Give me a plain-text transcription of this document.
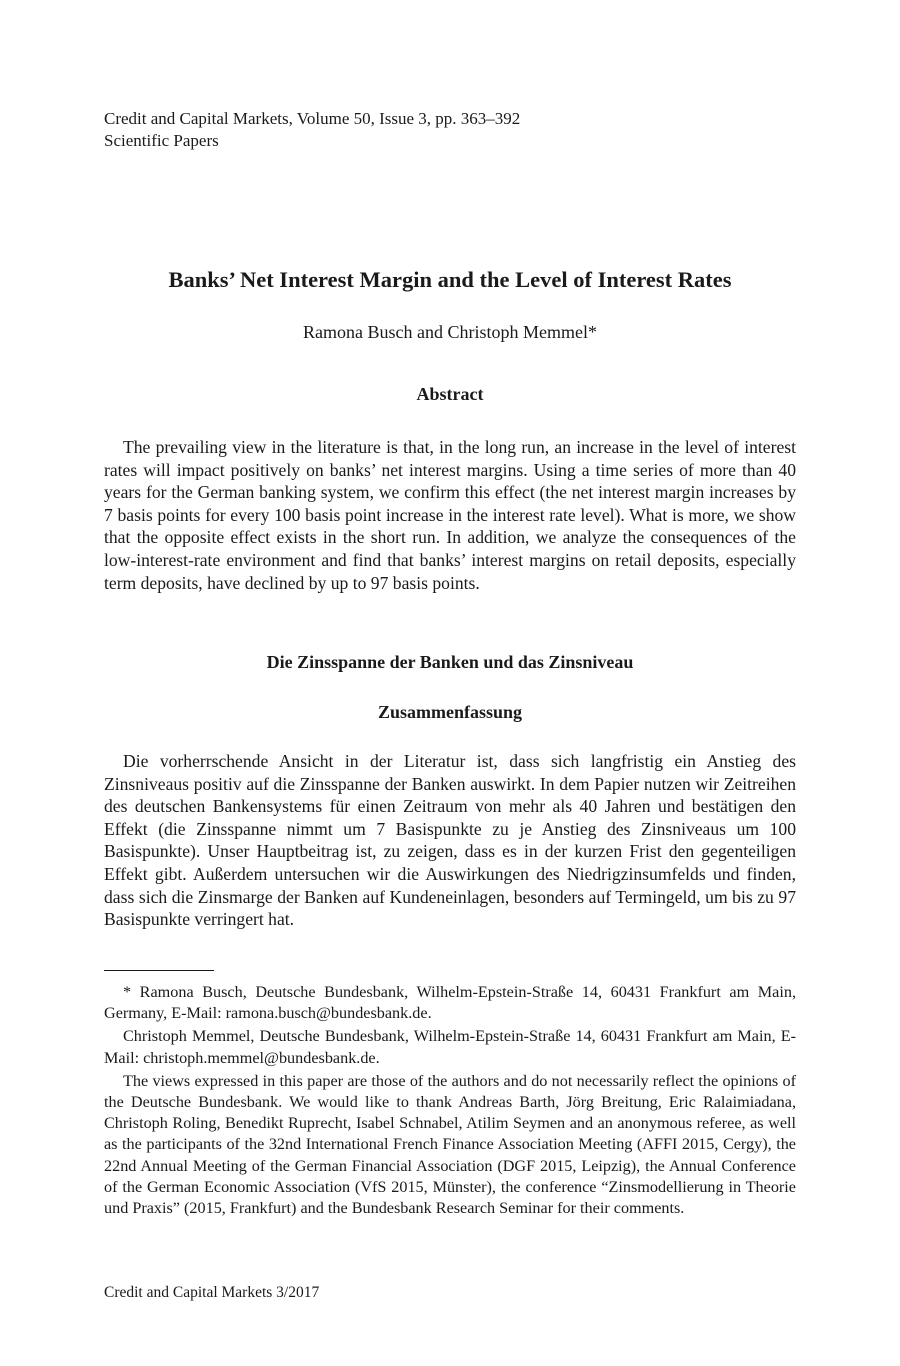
Credit and Capital Markets, Volume 50, Issue 3, pp. 363–392
Scientific Papers
Banks’ Net Interest Margin and the Level of Interest Rates
Ramona Busch and Christoph Memmel*
Abstract

The prevailing view in the literature is that, in the long run, an increase in the level of interest rates will impact positively on banks’ net interest margins. Using a time series of more than 40 years for the German banking system, we confirm this effect (the net interest margin increases by 7 basis points for every 100 basis point increase in the interest rate level). What is more, we show that the opposite effect exists in the short run. In addition, we analyze the consequences of the low-interest-rate environment and find that banks’ interest margins on retail deposits, especially term deposits, have declined by up to 97 basis points.

Die Zinsspanne der Banken und das Zinsniveau
Zusammenfassung

Die vorherrschende Ansicht in der Literatur ist, dass sich langfristig ein Anstieg des Zinsniveaus positiv auf die Zinsspanne der Banken auswirkt. In dem Papier nutzen wir Zeitreihen des deutschen Bankensystems für einen Zeitraum von mehr als 40 Jahren und bestätigen den Effekt (die Zinsspanne nimmt um 7 Basispunkte zu je Anstieg des Zinsniveaus um 100 Basispunkte). Unser Hauptbeitrag ist, zu zeigen, dass es in der kurzen Frist den gegenteiligen Effekt gibt. Außerdem untersuchen wir die Auswirkungen des Niedrigzinsumfelds und finden, dass sich die Zinsmarge der Banken auf Kundeneinlagen, besonders auf Termingeld, um bis zu 97 Basispunkte verringert hat.

* Ramona Busch, Deutsche Bundesbank, Wilhelm-Epstein-Straße 14, 60431 Frankfurt am Main, Germany, E-Mail: ramona.busch@bundesbank.de.

Christoph Memmel, Deutsche Bundesbank, Wilhelm-Epstein-Straße 14, 60431 Frankfurt am Main, E-Mail: christoph.memmel@bundesbank.de.

The views expressed in this paper are those of the authors and do not necessarily reflect the opinions of the Deutsche Bundesbank. We would like to thank Andreas Barth, Jörg Breitung, Eric Ralaimiadana, Christoph Roling, Benedikt Ruprecht, Isabel Schnabel, Atilim Seymen and an anonymous referee, as well as the participants of the 32nd International French Finance Association Meeting (AFFI 2015, Cergy), the 22nd Annual Meeting of the German Financial Association (DGF 2015, Leipzig), the Annual Conference of the German Economic Association (VfS 2015, Münster), the conference “Zinsmodellierung in Theorie und Praxis” (2015, Frankfurt) and the Bundesbank Research Seminar for their comments.

Credit and Capital Markets 3/2017
